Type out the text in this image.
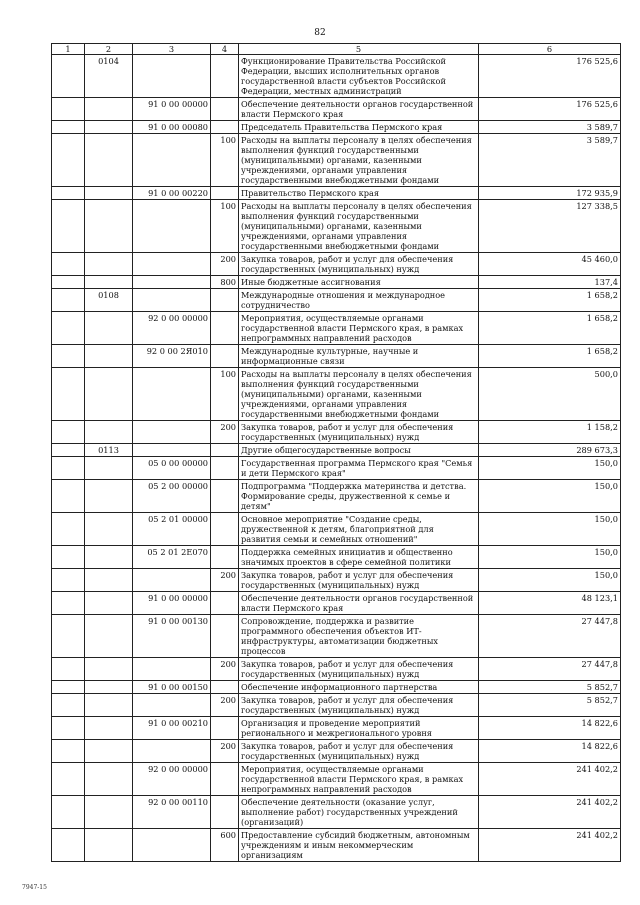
82
1	2	3	4	5	6
	0104			Функционирование Правительства Российской Федерации, высших исполнительных органов государственной власти субъектов Российской Федерации, местных администраций	176 525,6
		91 0 00 00000		Обеспечение деятельности органов государственной власти Пермского края	176 525,6
		91 0 00 00080		Председатель Правительства Пермского края	3 589,7
			100	Расходы на выплаты персоналу в целях обеспечения выполнения функций государственными (муниципальными) органами, казенными учреждениями, органами управления государственными внебюджетными фондами	3 589,7
		91 0 00 00220		Правительство Пермского края	172 935,9
			100	Расходы на выплаты персоналу в целях обеспечения выполнения функций государственными (муниципальными) органами, казенными учреждениями, органами управления государственными внебюджетными фондами	127 338,5
			200	Закупка товаров, работ и услуг для обеспечения государственных (муниципальных) нужд	45 460,0
			800	Иные бюджетные ассигнования	137,4
	0108			Международные отношения и международное сотрудничество	1 658,2
		92 0 00 00000		Мероприятия, осуществляемые органами государственной власти Пермского края, в рамках непрограммных направлений расходов	1 658,2
		92 0 00 2Я010		Международные культурные, научные и информационные связи	1 658,2
			100	Расходы на выплаты персоналу в целях обеспечения выполнения функций государственными (муниципальными) органами, казенными учреждениями, органами управления государственными внебюджетными фондами	500,0
			200	Закупка товаров, работ и услуг для обеспечения государственных (муниципальных) нужд	1 158,2
	0113			Другие общегосударственные вопросы	289 673,3
		05 0 00 00000		Государственная программа Пермского края "Семья и дети Пермского края"	150,0
		05 2 00 00000		Подпрограмма "Поддержка материнства и детства. Формирование среды, дружественной к семье и детям"	150,0
		05 2 01 00000		Основное мероприятие "Создание среды, дружественной к детям, благоприятной для развития семьи и семейных отношений"	150,0
		05 2 01 2E070		Поддержка семейных инициатив и общественно значимых проектов в сфере семейной политики	150,0
			200	Закупка товаров, работ и услуг для обеспечения государственных (муниципальных) нужд	150,0
		91 0 00 00000		Обеспечение деятельности органов государственной власти Пермского края	48 123,1
		91 0 00 00130		Сопровождение, поддержка и развитие программного обеспечения объектов ИТ-инфраструктуры, автоматизации бюджетных процессов	27 447,8
			200	Закупка товаров, работ и услуг для обеспечения государственных (муниципальных) нужд	27 447,8
		91 0 00 00150		Обеспечение информационного партнерства	5 852,7
			200	Закупка товаров, работ и услуг для обеспечения государственных (муниципальных) нужд	5 852,7
		91 0 00 00210		Организация и проведение мероприятий регионального и межрегионального уровня	14 822,6
			200	Закупка товаров, работ и услуг для обеспечения государственных (муниципальных) нужд	14 822,6
		92 0 00 00000		Мероприятия, осуществляемые органами государственной власти Пермского края, в рамках непрограммных направлений расходов	241 402,2
		92 0 00 00110		Обеспечение деятельности (оказание услуг, выполнение работ) государственных учреждений (организаций)	241 402,2
			600	Предоставление субсидий бюджетным, автономным учреждениям и иным некоммерческим организациям	241 402,2
7947-15
